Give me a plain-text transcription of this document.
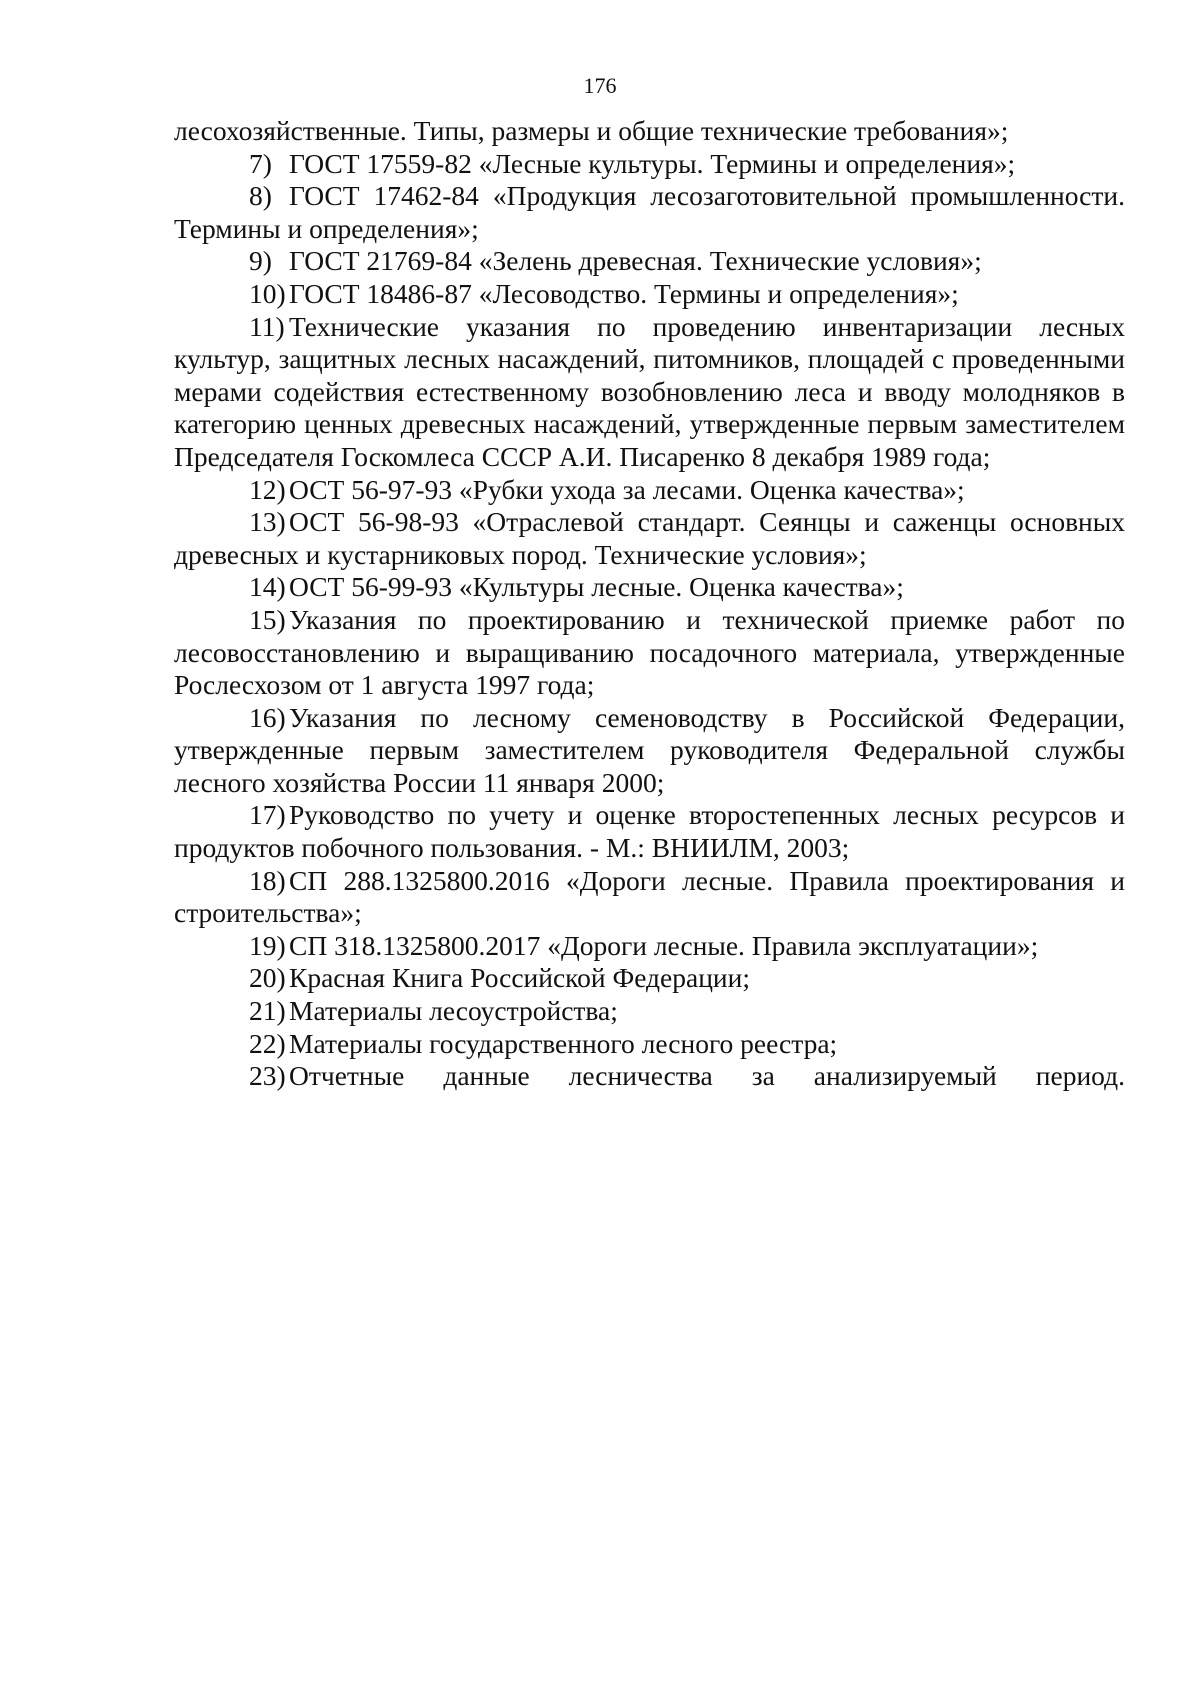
176

лесохозяйственные. Типы, размеры и общие технические требования»;

7) ГОСТ 17559-82 «Лесные культуры. Термины и определения»;

8) ГОСТ 17462-84 «Продукция лесозаготовительной промышленности. Термины и определения»;

9) ГОСТ 21769-84 «Зелень древесная. Технические условия»;

10) ГОСТ 18486-87 «Лесоводство. Термины и определения»;

11) Технические указания по проведению инвентаризации лесных культур, защитных лесных насаждений, питомников, площадей с проведенными мерами содействия естественному возобновлению леса и вводу молодняков в категорию ценных древесных насаждений, утвержденные первым заместителем Председателя Госкомлеса СССР А.И. Писаренко 8 декабря 1989 года;

12) ОСТ 56-97-93 «Рубки ухода за лесами. Оценка качества»;

13) ОСТ 56-98-93 «Отраслевой стандарт. Сеянцы и саженцы основных древесных и кустарниковых пород. Технические условия»;

14) ОСТ 56-99-93 «Культуры лесные. Оценка качества»;

15) Указания по проектированию и технической приемке работ по лесовосстановлению и выращиванию посадочного материала, утвержденные Рослесхозом от 1 августа 1997 года;

16) Указания по лесному семеноводству в Российской Федерации, утвержденные первым заместителем руководителя Федеральной службы лесного хозяйства России 11 января 2000;

17) Руководство по учету и оценке второстепенных лесных ресурсов и продуктов побочного пользования. - М.: ВНИИЛМ, 2003;

18) СП 288.1325800.2016 «Дороги лесные. Правила проектирования и строительства»;

19) СП 318.1325800.2017 «Дороги лесные. Правила эксплуатации»;

20) Красная Книга Российской Федерации;

21) Материалы лесоустройства;

22) Материалы государственного лесного реестра;

23) Отчетные данные лесничества за анализируемый период.
